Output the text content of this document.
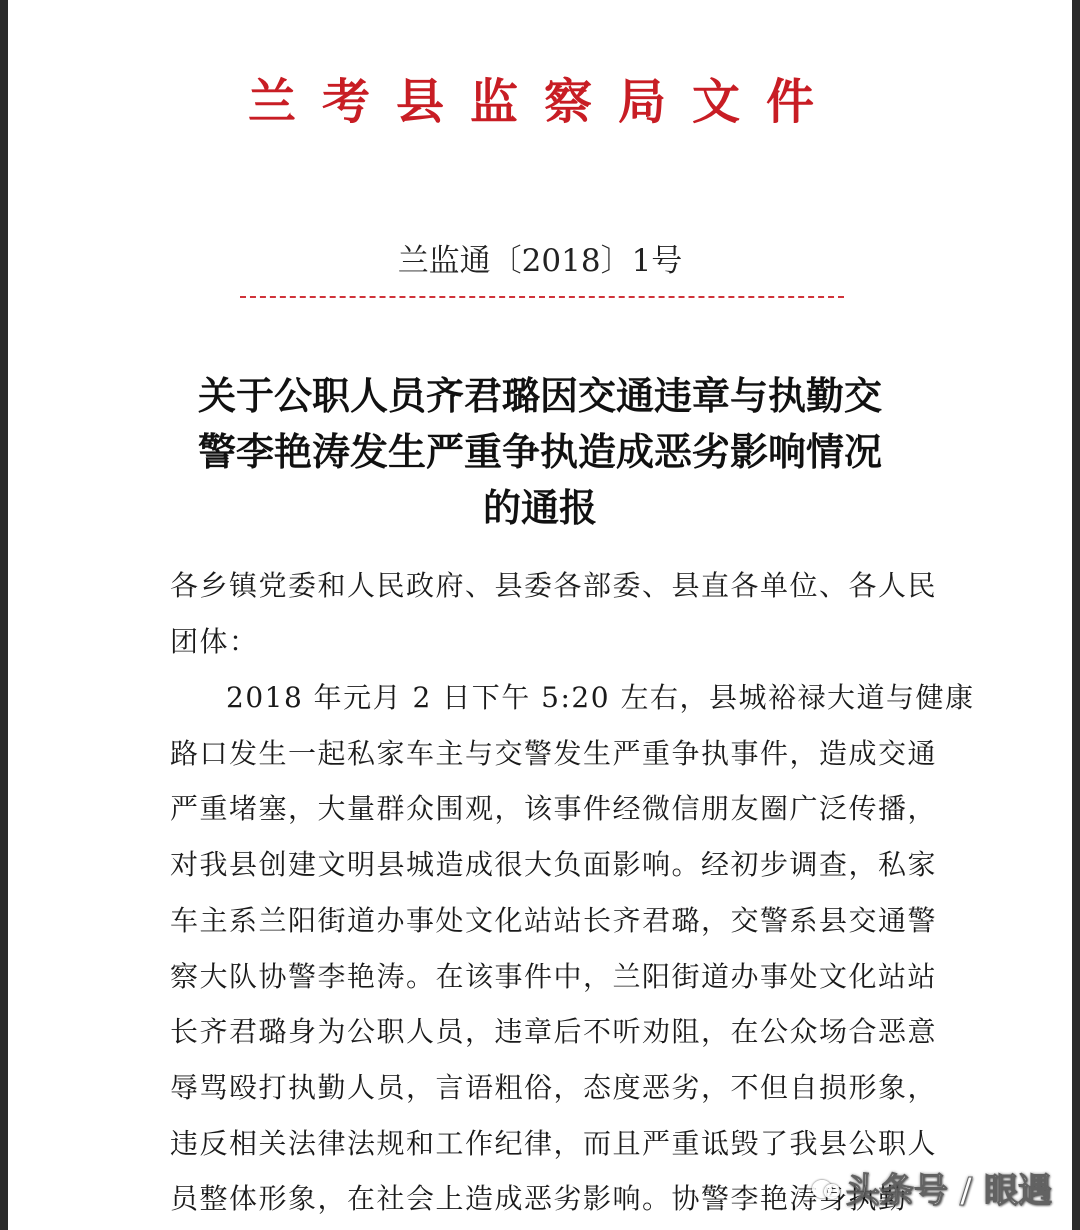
兰考县监察局文件
兰监通〔2018〕1号
关于公职人员齐君璐因交通违章与执勤交
警李艳涛发生严重争执造成恶劣影响情况
的通报
各乡镇党委和人民政府、县委各部委、县直各单位、各人民
团体：
2018 年元月 2 日下午 5:20 左右，县城裕禄大道与健康
路口发生一起私家车主与交警发生严重争执事件，造成交通
严重堵塞，大量群众围观，该事件经微信朋友圈广泛传播，
对我县创建文明县城造成很大负面影响。经初步调查，私家
车主系兰阳街道办事处文化站站长齐君璐，交警系县交通警
察大队协警李艳涛。在该事件中，兰阳街道办事处文化站站
长齐君璐身为公职人员，违章后不听劝阻，在公众场合恶意
辱骂殴打执勤人员，言语粗俗，态度恶劣，不但自损形象，
违反相关法律法规和工作纪律，而且严重诋毁了我县公职人
员整体形象，在社会上造成恶劣影响。协警李艳涛身执勤
头条号 / 眼遇
